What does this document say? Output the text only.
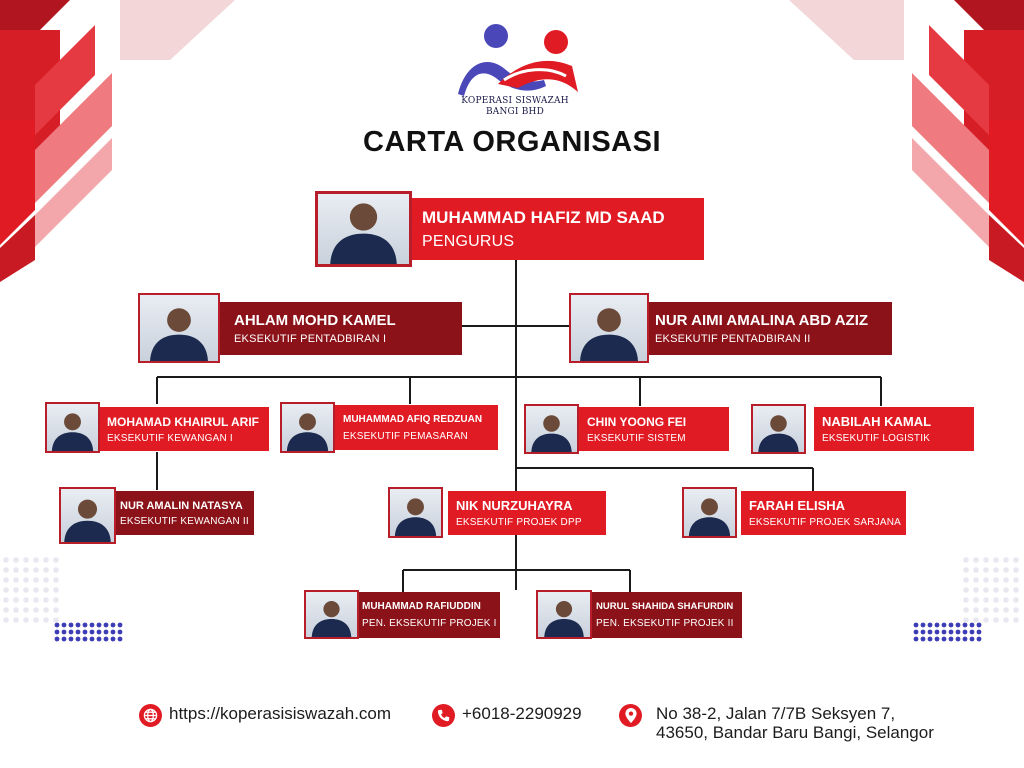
KOPERASI SISWAZAH
BANGI BHD
CARTA ORGANISASI
MUHAMMAD HAFIZ MD SAAD
PENGURUS
AHLAM MOHD KAMEL
EKSEKUTIF PENTADBIRAN I
NUR AIMI AMALINA ABD AZIZ
EKSEKUTIF PENTADBIRAN II
MOHAMAD KHAIRUL ARIF
EKSEKUTIF KEWANGAN I
MUHAMMAD AFIQ REDZUAN
EKSEKUTIF PEMASARAN
CHIN YOONG FEI
EKSEKUTIF SISTEM
NABILAH KAMAL
EKSEKUTIF LOGISTIK
NUR AMALIN NATASYA
EKSEKUTIF KEWANGAN II
NIK NURZUHAYRA
EKSEKUTIF PROJEK DPP
FARAH ELISHA
EKSEKUTIF PROJEK SARJANA
MUHAMMAD RAFIUDDIN
PEN. EKSEKUTIF PROJEK I
NURUL SHAHIDA SHAFURDIN
PEN. EKSEKUTIF PROJEK II
https://koperasisiswazah.com	+6018-2290929	No 38-2, Jalan 7/7B Seksyen 7,
43650, Bandar Baru Bangi, Selangor
